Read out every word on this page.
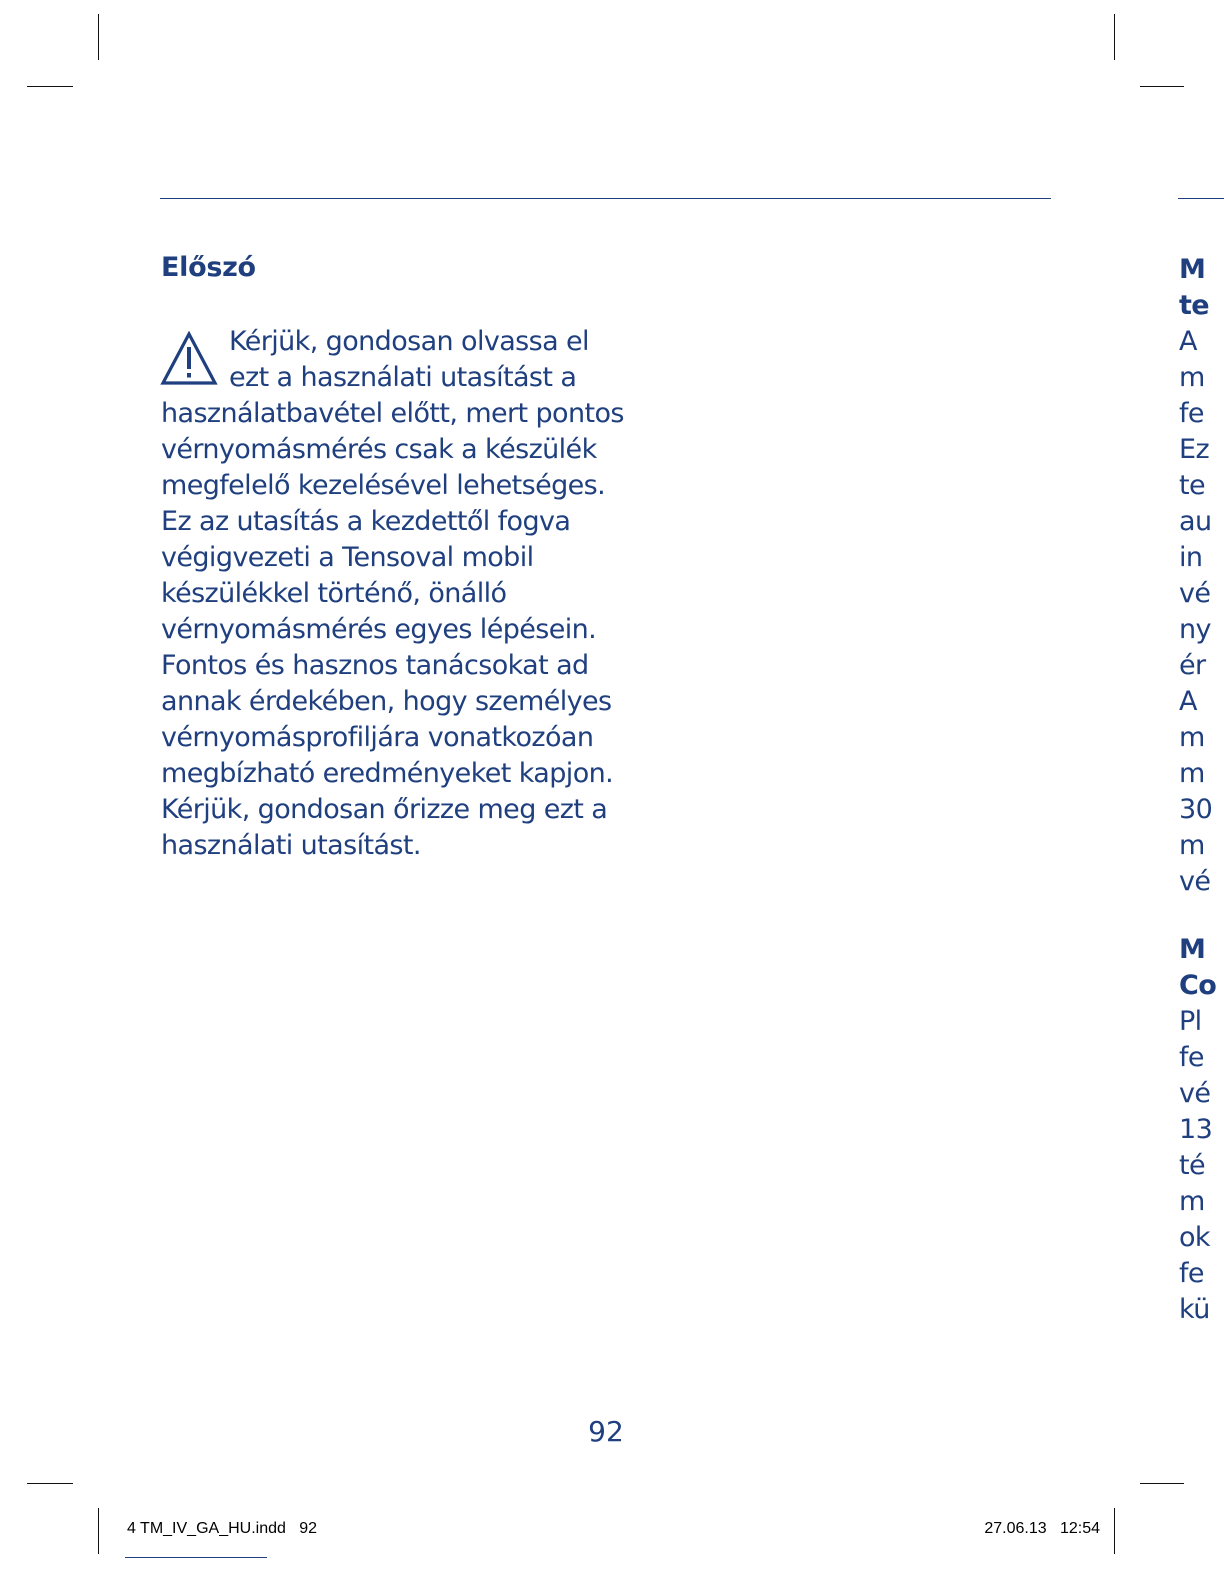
Előszó
Kérjük, gondosan olvassa el
ezt a használati utasítást a
használatbavétel előtt, mert pontos
vérnyomásmérés csak a készülék
megfelelő kezelésével lehetséges.
Ez az utasítás a kezdettől fogva
végigvezeti a Tensoval mobil
készülékkel történő, önálló
vérnyomásmérés egyes lépésein.
Fontos és hasznos tanácsokat ad
annak érdekében, hogy személyes
vérnyomásprofiljára vonatkozóan
megbízható eredményeket kapjon.
Kérjük, gondosan őrizze meg ezt a
használati utasítást.
M
te
A
m
fe
Ez
te
au
in
vé
ny
ér
A
m
m
30
m
vé
M
Co
Pl
fe
vé
13
té
m
ok
fe
kü
92
4 TM_IV_GA_HU.indd   92	27.06.13 12:54
